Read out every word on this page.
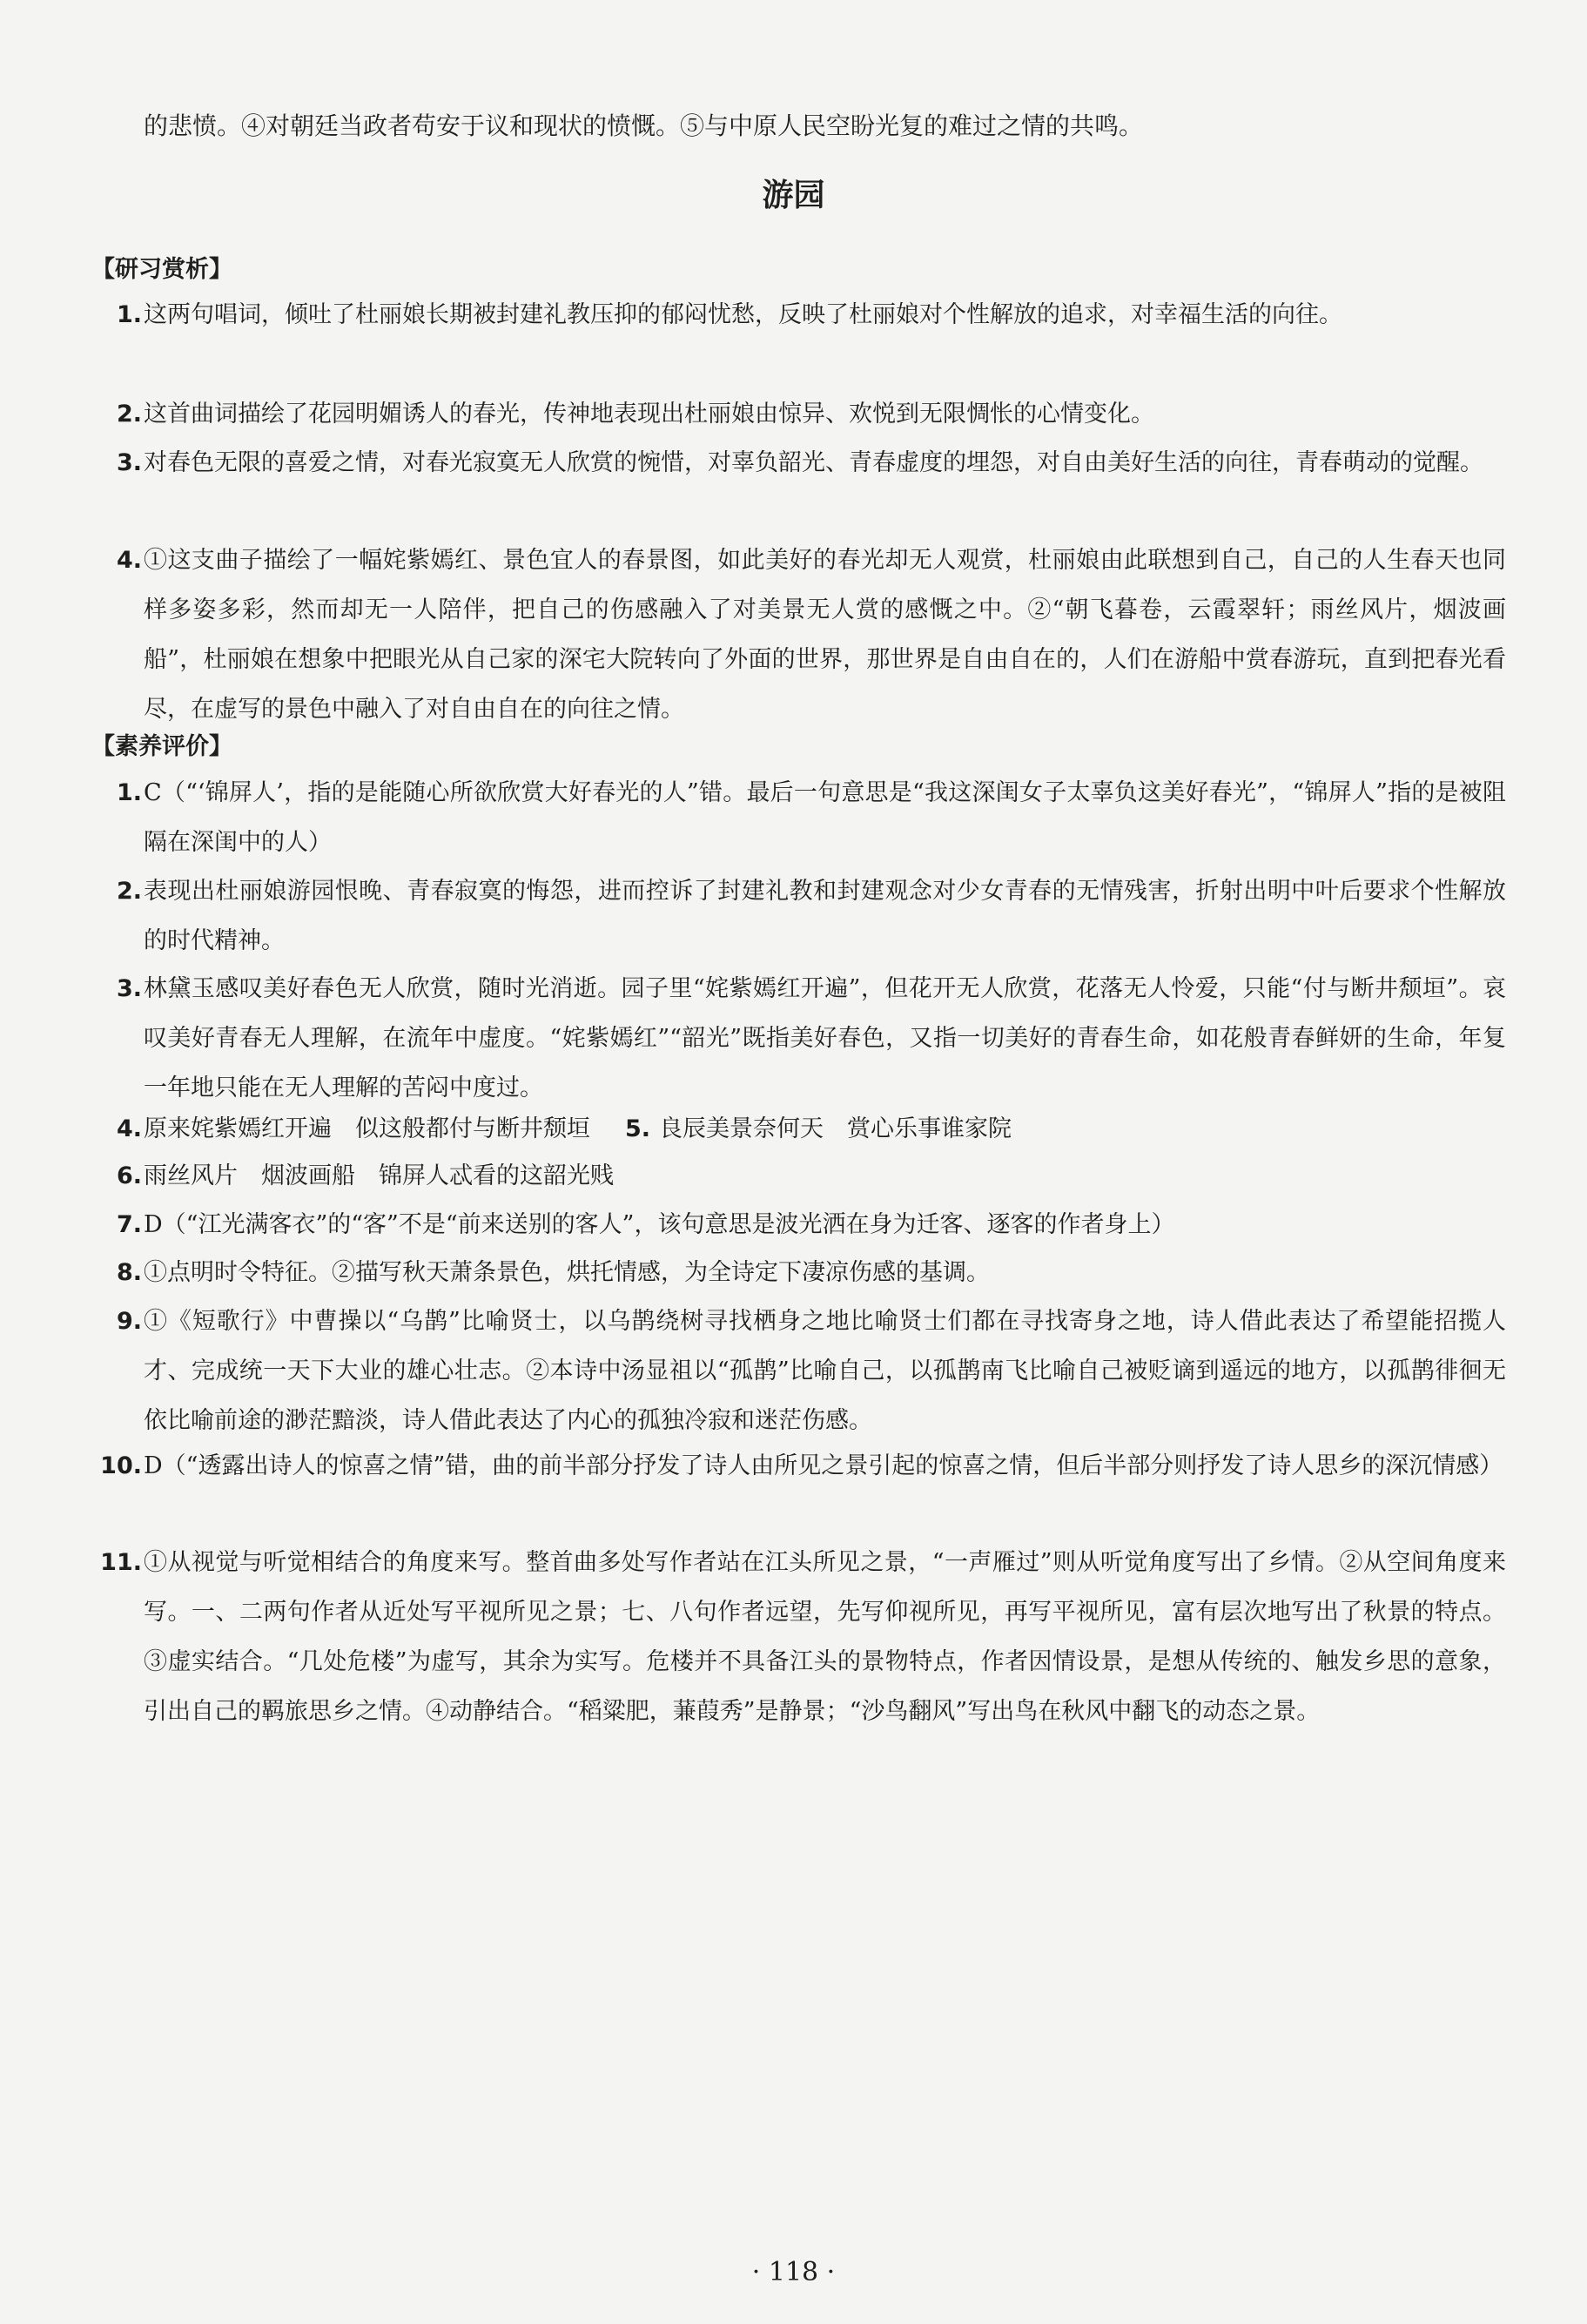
的悲愤。④对朝廷当政者苟安于议和现状的愤慨。⑤与中原人民空盼光复的难过之情的共鸣。
游园
【研习赏析】
1. 这两句唱词，倾吐了杜丽娘长期被封建礼教压抑的郁闷忧愁，反映了杜丽娘对个性解放的追求，对幸福生活的向往。
2. 这首曲词描绘了花园明媚诱人的春光，传神地表现出杜丽娘由惊异、欢悦到无限惆怅的心情变化。
3. 对春色无限的喜爱之情，对春光寂寞无人欣赏的惋惜，对辜负韶光、青春虚度的埋怨，对自由美好生活的向往，青春萌动的觉醒。
4. ①这支曲子描绘了一幅姹紫嫣红、景色宜人的春景图，如此美好的春光却无人观赏，杜丽娘由此联想到自己，自己的人生春天也同样多姿多彩，然而却无一人陪伴，把自己的伤感融入了对美景无人赏的感慨之中。②“朝飞暮卷，云霞翠轩；雨丝风片，烟波画船”，杜丽娘在想象中把眼光从自己家的深宅大院转向了外面的世界，那世界是自由自在的，人们在游船中赏春游玩，直到把春光看尽，在虚写的景色中融入了对自由自在的向往之情。
【素养评价】
1. C（“‘锦屏人’，指的是能随心所欲欣赏大好春光的人”错。最后一句意思是“我这深闺女子太辜负这美好春光”，“锦屏人”指的是被阻隔在深闺中的人）
2. 表现出杜丽娘游园恨晚、青春寂寞的悔怨，进而控诉了封建礼教和封建观念对少女青春的无情残害，折射出明中叶后要求个性解放的时代精神。
3. 林黛玉感叹美好春色无人欣赏，随时光消逝。园子里“姹紫嫣红开遍”，但花开无人欣赏，花落无人怜爱，只能“付与断井颓垣”。哀叹美好青春无人理解，在流年中虚度。“姹紫嫣红”“韶光”既指美好春色，又指一切美好的青春生命，如花般青春鲜妍的生命，年复一年地只能在无人理解的苦闷中度过。
4. 原来姹紫嫣红开遍　似这般都付与断井颓垣 5. 良辰美景奈何天　赏心乐事谁家院
6. 雨丝风片　烟波画船　锦屏人忒看的这韶光贱
7. D（“江光满客衣”的“客”不是“前来送别的客人”，该句意思是波光洒在身为迁客、逐客的作者身上）
8. ①点明时令特征。②描写秋天萧条景色，烘托情感，为全诗定下凄凉伤感的基调。
9. ①《短歌行》中曹操以“乌鹊”比喻贤士，以乌鹊绕树寻找栖身之地比喻贤士们都在寻找寄身之地，诗人借此表达了希望能招揽人才、完成统一天下大业的雄心壮志。②本诗中汤显祖以“孤鹊”比喻自己，以孤鹊南飞比喻自己被贬谪到遥远的地方，以孤鹊徘徊无依比喻前途的渺茫黯淡，诗人借此表达了内心的孤独冷寂和迷茫伤感。
10. D（“透露出诗人的惊喜之情”错，曲的前半部分抒发了诗人由所见之景引起的惊喜之情，但后半部分则抒发了诗人思乡的深沉情感）
11. ①从视觉与听觉相结合的角度来写。整首曲多处写作者站在江头所见之景，“一声雁过”则从听觉角度写出了乡情。②从空间角度来写。一、二两句作者从近处写平视所见之景；七、八句作者远望，先写仰视所见，再写平视所见，富有层次地写出了秋景的特点。③虚实结合。“几处危楼”为虚写，其余为实写。危楼并不具备江头的景物特点，作者因情设景，是想从传统的、触发乡思的意象，引出自己的羁旅思乡之情。④动静结合。“稻粱肥，蒹葭秀”是静景；“沙鸟翻风”写出鸟在秋风中翻飞的动态之景。
· 118 ·
